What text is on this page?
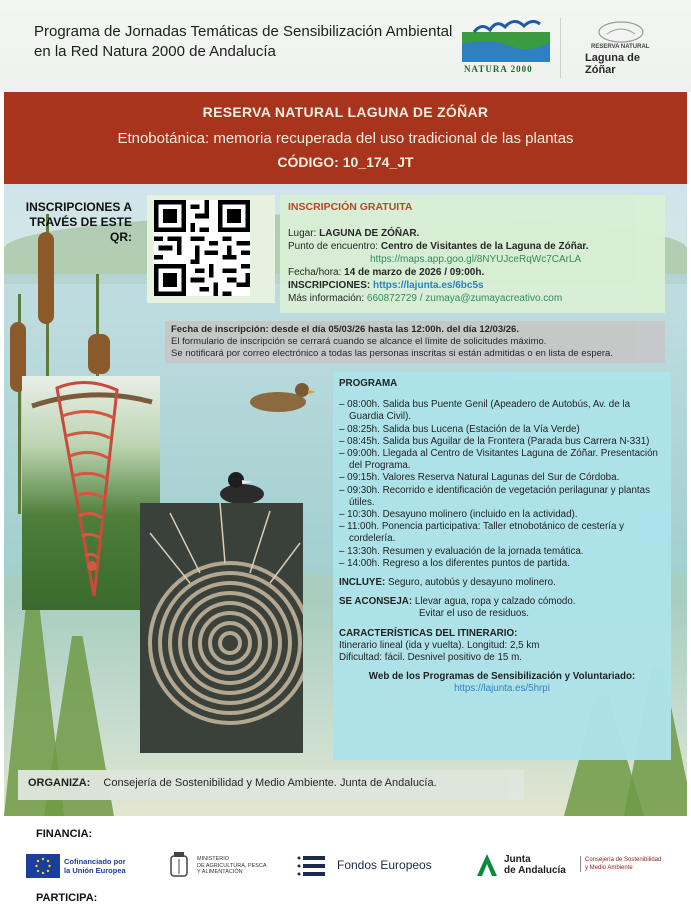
Programa de Jornadas Temáticas de Sensibilización Ambiental en la Red Natura 2000 de Andalucía
NATURA 2000
RESERVA NATURAL
Laguna de Zóñar
RESERVA NATURAL LAGUNA DE ZÓÑAR
Etnobotánica: memoria recuperada del uso tradicional de las plantas
CÓDIGO: 10_174_JT
INSCRIPCIONES A TRAVÉS DE ESTE QR:
INSCRIPCIÓN GRATUITA
Lugar: LAGUNA DE ZÓÑAR.
Punto de encuentro: Centro de Visitantes de la Laguna de Zóñar.
https://maps.app.goo.gl/8NYUJceRqWc7CArLA
Fecha/hora: 14 de marzo de 2026 / 09:00h.
INSCRIPCIONES: https://lajunta.es/6bc5s
Más información: 660872729 / zumaya@zumayacreativo.com
Fecha de inscripción: desde el día 05/03/26 hasta las 12:00h. del día 12/03/26.
El formulario de inscripción se cerrará cuando se alcance el límite de solicitudes máximo.
Se notificará por correo electrónico a todas las personas inscritas si están admitidas o en lista de espera.
PROGRAMA
– 08:00h. Salida bus Puente Genil (Apeadero de Autobús, Av. de la Guardia Civil).
– 08:25h. Salida bus Lucena (Estación de la Vía Verde)
– 08:45h. Salida bus Aguilar de la Frontera (Parada bus Carrera N-331)
– 09:00h. Llegada al Centro de Visitantes Laguna de Zóñar. Presentación del Programa.
– 09:15h. Valores Reserva Natural Lagunas del Sur de Córdoba.
– 09:30h. Recorrido e identificación de vegetación perilagunar y plantas útiles.
– 10:30h. Desayuno molinero (incluido en la actividad).
– 11:00h. Ponencia participativa: Taller etnobotánico de cestería y cordelería.
– 13:30h. Resumen y evaluación de la jornada temática.
– 14:00h. Regreso a los diferentes puntos de partida.
INCLUYE: Seguro, autobús y desayuno molinero.
SE ACONSEJA: Llevar agua, ropa y calzado cómodo.
Evitar el uso de residuos.
CARACTERÍSTICAS DEL ITINERARIO:
Itinerario lineal (ida y vuelta). Longitud: 2,5 km
Dificultad: fácil. Desnivel positivo de 15 m.
Web de los Programas de Sensibilización y Voluntariado:
https://lajunta.es/5hrpi
ORGANIZA: Consejería de Sostenibilidad y Medio Ambiente. Junta de Andalucía.
FINANCIA:
Cofinanciado por
la Unión Europea
MINISTERIO
DE AGRICULTURA, PESCA
Y ALIMENTACIÓN	Fondos Europeos	Junta
de Andalucía
Consejería de Sostenibilidad
y Medio Ambiente
PARTICIPA:
